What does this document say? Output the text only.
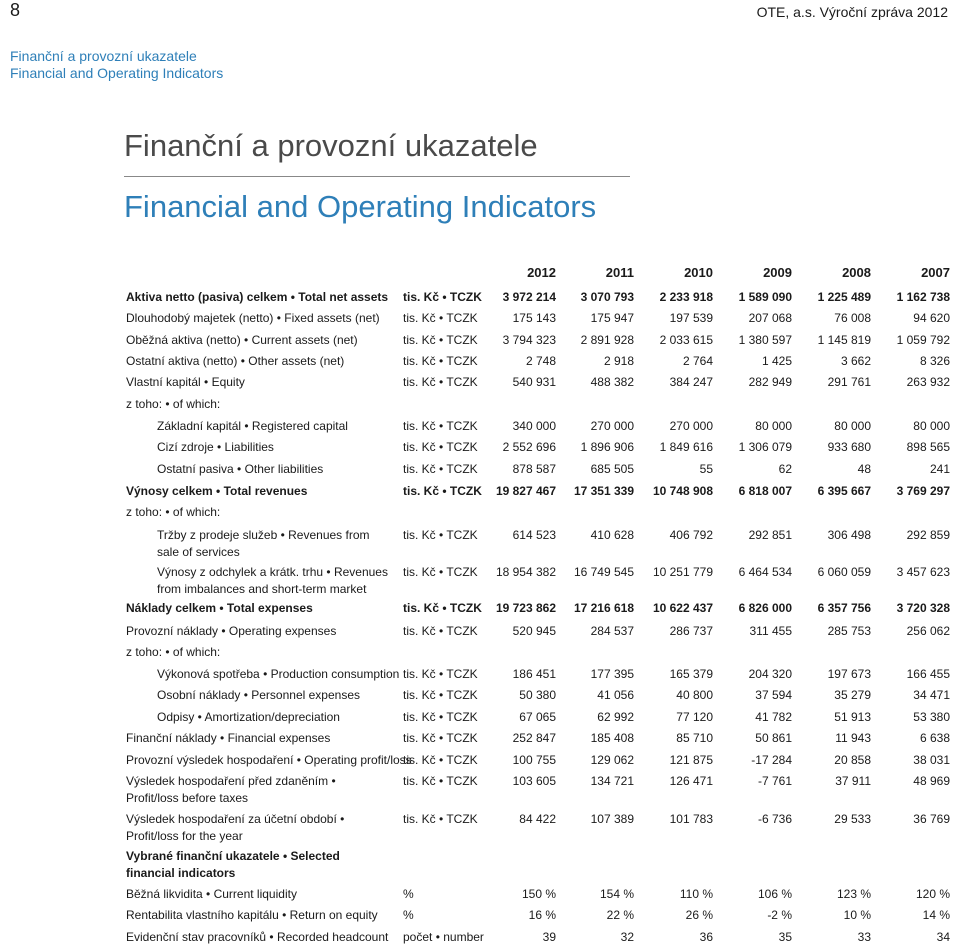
8	OTE, a.s. Výroční zpráva 2012
Finanční a provozní ukazatele
Financial and Operating Indicators
Finanční a provozní ukazatele
Financial and Operating Indicators
2012	2011	2010	2009	2008	2007
Aktiva netto (pasiva) celkem • Total net assets tis. Kč • TCZK	3 972 214	3 070 793	2 233 918	1 589 090	1 225 489	1 162 738
Dlouhodobý majetek (netto) • Fixed assets (net) tis. Kč • TCZK	175 143	175 947	197 539	207 068	76 008	94 620
Oběžná aktiva (netto) • Current assets (net)	tis. Kč • TCZK	3 794 323	2 891 928	2 033 615	1 380 597	1 145 819	1 059 792
Ostatní aktiva (netto) • Other assets (net)	tis. Kč • TCZK	2 748	2 918	2 764	1 425	3 662	8 326
Vlastní kapitál • Equity	tis. Kč • TCZK	540 931	488 382	384 247	282 949	291 761	263 932
z toho: • of which:
Základní kapitál • Registered capital	tis. Kč • TCZK	340 000	270 000	270 000	80 000	80 000	80 000
Cizí zdroje • Liabilities	tis. Kč • TCZK	2 552 696	1 896 906	1 849 616	1 306 079	933 680	898 565
Ostatní pasiva • Other liabilities	tis. Kč • TCZK	878 587	685 505	55	62	48	241
Výnosy celkem • Total revenues	tis. Kč • TCZK	19 827 467	17 351 339	10 748 908	6 818 007	6 395 667	3 769 297
z toho: • of which:
Tržby z prodeje služeb • Revenues from sale of services
tis. Kč • TCZK	614 523	410 628	406 792	292 851	306 498	292 859
Výnosy z odchylek a krátk. trhu • Revenues from imbalances and short-term market
tis. Kč • TCZK	18 954 382	16 749 545	10 251 779	6 464 534	6 060 059	3 457 623
Náklady celkem • Total expenses	tis. Kč • TCZK	19 723 862	17 216 618	10 622 437	6 826 000	6 357 756	3 720 328
Provozní náklady • Operating expenses	tis. Kč • TCZK	520 945	284 537	286 737	311 455	285 753	256 062
z toho: • of which:
Výkonová spotřeba • Production consumption tis. Kč • TCZK	186 451	177 395	165 379	204 320	197 673	166 455
Osobní náklady • Personnel expenses	tis. Kč • TCZK	50 380	41 056	40 800	37 594	35 279	34 471
Odpisy • Amortization/depreciation	tis. Kč • TCZK	67 065	62 992	77 120	41 782	51 913	53 380
Finanční náklady • Financial expenses	tis. Kč • TCZK	252 847	185 408	85 710	50 861	11 943	6 638
Provozní výsledek hospodaření • Operating profit/loss
tis. Kč • TCZK	100 755	129 062	121 875	-17 284	20 858	38 031
Výsledek hospodaření před zdaněním • Profit/loss before taxes
tis. Kč • TCZK	103 605	134 721	126 471	-7 761	37 911	48 969
Výsledek hospodaření za účetní období • Profit/loss for the year
tis. Kč • TCZK	84 422	107 389	101 783	-6 736	29 533	36 769
Vybrané finanční ukazatele • Selected financial indicators
Běžná likvidita • Current liquidity	%	150 %	154 %	110 %	106 %	123 %	120 %
Rentabilita vlastního kapitálu • Return on equity %	16 %	22 %	26 %	-2 %	10 %	14 %
Evidenční stav pracovníků • Recorded headcount počet • number	39	32	36	35	33	34
